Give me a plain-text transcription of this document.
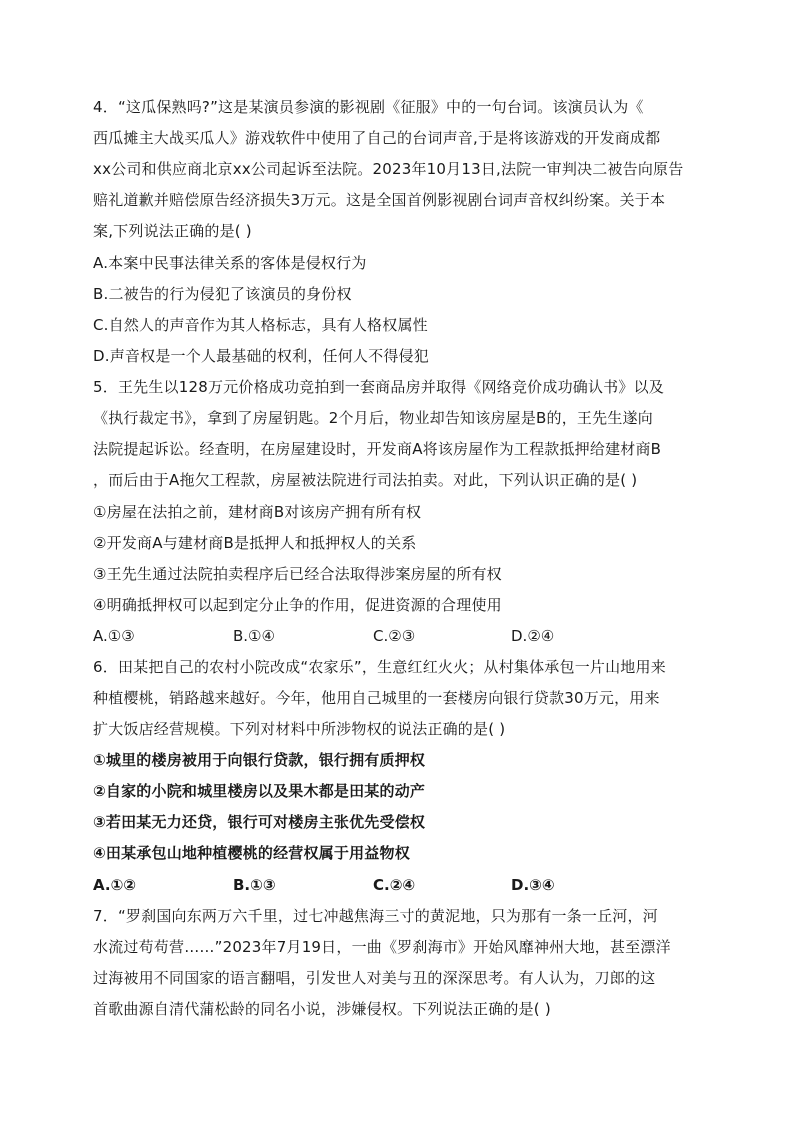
4．“这瓜保熟吗?”这是某演员参演的影视剧《征服》中的一句台词。该演员认为《
西瓜摊主大战买瓜人》游戏软件中使用了自己的台词声音,于是将该游戏的开发商成都
xx公司和供应商北京xx公司起诉至法院。2023年10月13日,法院一审判决二被告向原告
赔礼道歉并赔偿原告经济损失3万元。这是全国首例影视剧台词声音权纠纷案。关于本
案,下列说法正确的是( )
A.本案中民事法律关系的客体是侵权行为
B.二被告的行为侵犯了该演员的身份权
C.自然人的声音作为其人格标志，具有人格权属性
D.声音权是一个人最基础的权利，任何人不得侵犯
5．王先生以128万元价格成功竞拍到一套商品房并取得《网络竞价成功确认书》以及
《执行裁定书》，拿到了房屋钥匙。2个月后，物业却告知该房屋是B的，王先生遂向
法院提起诉讼。经查明，在房屋建设时，开发商A将该房屋作为工程款抵押给建材商B
，而后由于A拖欠工程款，房屋被法院进行司法拍卖。对此，下列认识正确的是( )
①房屋在法拍之前，建材商B对该房产拥有所有权
②开发商A与建材商B是抵押人和抵押权人的关系
③王先生通过法院拍卖程序后已经合法取得涉案房屋的所有权
④明确抵押权可以起到定分止争的作用，促进资源的合理使用
A.①③	B.①④	C.②③	D.②④
6．田某把自己的农村小院改成“农家乐”，生意红红火火；从村集体承包一片山地用来
种植樱桃，销路越来越好。今年，他用自己城里的一套楼房向银行贷款30万元，用来
扩大饭店经营规模。下列对材料中所涉物权的说法正确的是( )
①城里的楼房被用于向银行贷款，银行拥有质押权
②自家的小院和城里楼房以及果木都是田某的动产
③若田某无力还贷，银行可对楼房主张优先受偿权
④田某承包山地种植樱桃的经营权属于用益物权
A.①②	B.①③	C.②④	D.③④
7．“罗刹国向东两万六千里，过七冲越焦海三寸的黄泥地，只为那有一条一丘河，河
水流过苟苟营……”2023年7月19日，一曲《罗刹海市》开始风靡神州大地，甚至漂洋
过海被用不同国家的语言翻唱，引发世人对美与丑的深深思考。有人认为，刀郎的这
首歌曲源自清代蒲松龄的同名小说，涉嫌侵权。下列说法正确的是( )
